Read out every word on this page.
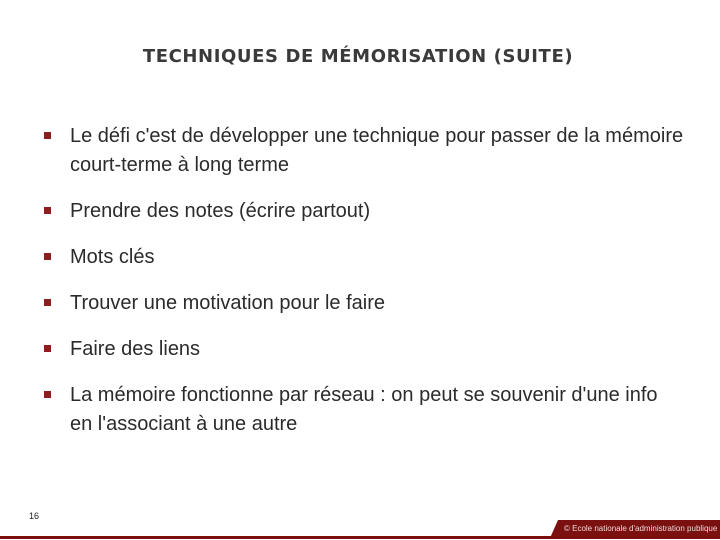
TECHNIQUES DE MÉMORISATION (SUITE)
Le défi c'est de développer une technique pour passer de la mémoire court-terme à long terme
Prendre des notes (écrire partout)
Mots clés
Trouver une motivation pour le faire
Faire des liens
La mémoire fonctionne par réseau : on peut se souvenir d'une info en l'associant à une autre
16
© Ecole nationale d'administration publique
